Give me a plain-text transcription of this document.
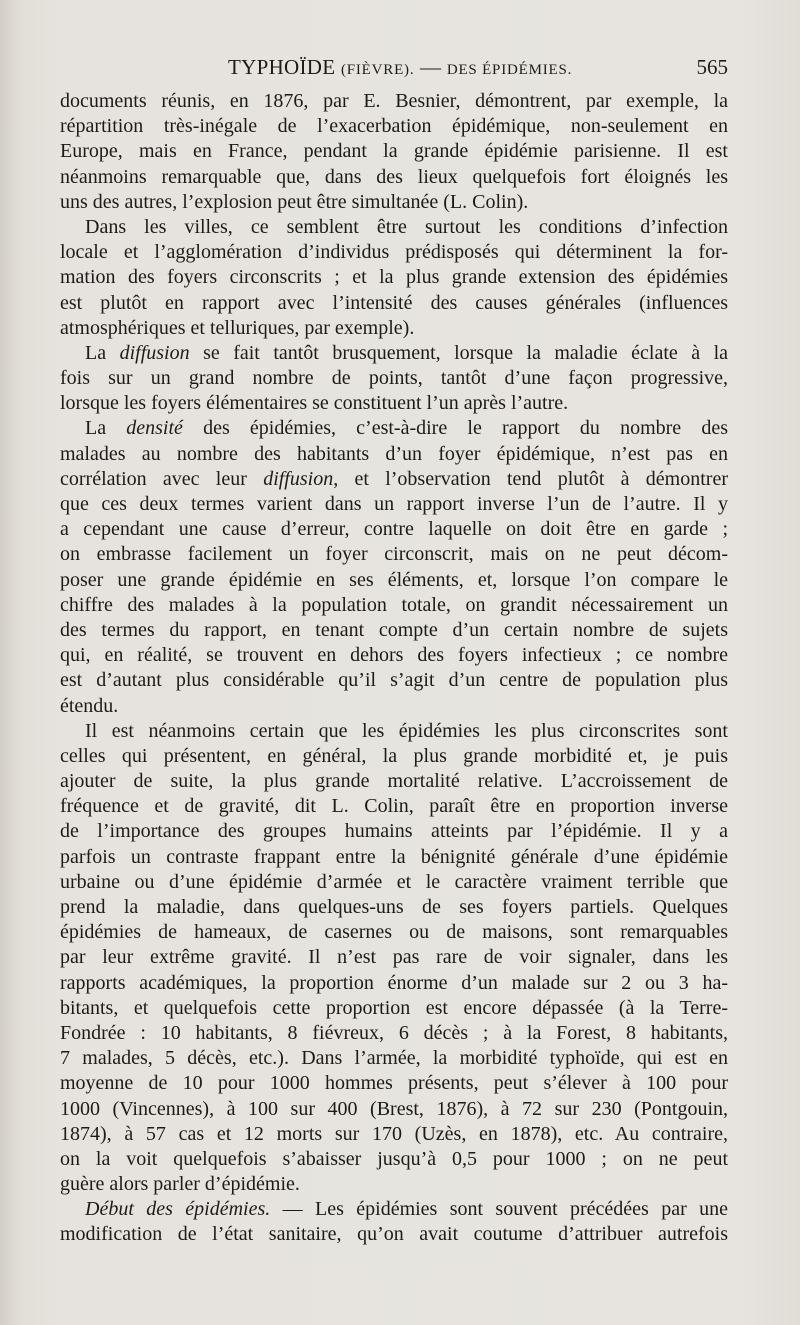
TYPHOÏDE (FIÈVRE). — DES ÉPIDÉMIES.	565
documents réunis, en 1876, par E. Besnier, démontrent, par exemple, la
répartition très-inégale de l’exacerbation épidémique, non-seulement en
Europe, mais en France, pendant la grande épidémie parisienne. Il est
néanmoins remarquable que, dans des lieux quelquefois fort éloignés les
uns des autres, l’explosion peut être simultanée (L. Colin).
Dans les villes, ce semblent être surtout les conditions d’infection
locale et l’agglomération d’individus prédisposés qui déterminent la for-
mation des foyers circonscrits ; et la plus grande extension des épidémies
est plutôt en rapport avec l’intensité des causes générales (influences
atmosphériques et telluriques, par exemple).
La diffusion se fait tantôt brusquement, lorsque la maladie éclate à la
fois sur un grand nombre de points, tantôt d’une façon progressive,
lorsque les foyers élémentaires se constituent l’un après l’autre.
La densité des épidémies, c’est-à-dire le rapport du nombre des
malades au nombre des habitants d’un foyer épidémique, n’est pas en
corrélation avec leur diffusion, et l’observation tend plutôt à démontrer
que ces deux termes varient dans un rapport inverse l’un de l’autre. Il y
a cependant une cause d’erreur, contre laquelle on doit être en garde ;
on embrasse facilement un foyer circonscrit, mais on ne peut décom-
poser une grande épidémie en ses éléments, et, lorsque l’on compare le
chiffre des malades à la population totale, on grandit nécessairement un
des termes du rapport, en tenant compte d’un certain nombre de sujets
qui, en réalité, se trouvent en dehors des foyers infectieux ; ce nombre
est d’autant plus considérable qu’il s’agit d’un centre de population plus
étendu.
Il est néanmoins certain que les épidémies les plus circonscrites sont
celles qui présentent, en général, la plus grande morbidité et, je puis
ajouter de suite, la plus grande mortalité relative. L’accroissement de
fréquence et de gravité, dit L. Colin, paraît être en proportion inverse
de l’importance des groupes humains atteints par l’épidémie. Il y a
parfois un contraste frappant entre la bénignité générale d’une épidémie
urbaine ou d’une épidémie d’armée et le caractère vraiment terrible que
prend la maladie, dans quelques-uns de ses foyers partiels. Quelques
épidémies de hameaux, de casernes ou de maisons, sont remarquables
par leur extrême gravité. Il n’est pas rare de voir signaler, dans les
rapports académiques, la proportion énorme d’un malade sur 2 ou 3 ha-
bitants, et quelquefois cette proportion est encore dépassée (à la Terre-
Fondrée : 10 habitants, 8 fiévreux, 6 décès ; à la Forest, 8 habitants,
7 malades, 5 décès, etc.). Dans l’armée, la morbidité typhoïde, qui est en
moyenne de 10 pour 1000 hommes présents, peut s’élever à 100 pour
1000 (Vincennes), à 100 sur 400 (Brest, 1876), à 72 sur 230 (Pontgouin,
1874), à 57 cas et 12 morts sur 170 (Uzès, en 1878), etc. Au contraire,
on la voit quelquefois s’abaisser jusqu’à 0,5 pour 1000 ; on ne peut
guère alors parler d’épidémie.
Début des épidémies. — Les épidémies sont souvent précédées par une
modification de l’état sanitaire, qu’on avait coutume d’attribuer autrefois
